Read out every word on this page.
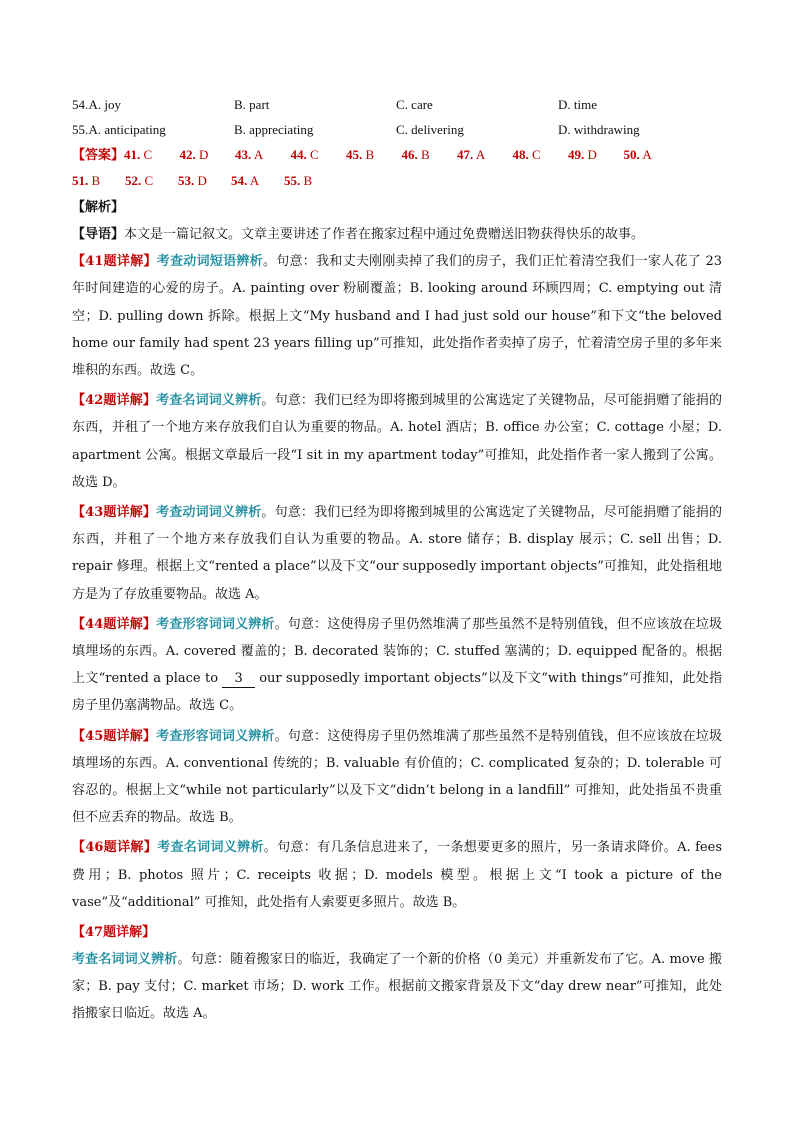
54. A. joy	B. part	C. care	D. time
55. A. anticipating	B. appreciating	C. delivering	D. withdrawing
【答案】41. C 42. D 43. A 44. C 45. B 46. B 47. A 48. C 49. D 50. A
51. B 52. C 53. D 54. A 55. B
【解析】

【导语】本文是一篇记叙文。文章主要讲述了作者在搬家过程中通过免费赠送旧物获得快乐的故事。

【41题详解】考查动词短语辨析。句意：我和丈夫刚刚卖掉了我们的房子，我们正忙着清空我们一家人花了 23 年时间建造的心爱的房子。A. painting over 粉刷覆盖；B. looking around 环顾四周；C. emptying out 清空；D. pulling down 拆除。根据上文“My husband and I had just sold our house”和下文“the beloved home our family had spent 23 years filling up”可推知，此处指作者卖掉了房子，忙着清空房子里的多年来堆积的东西。故选 C。

【42题详解】考查名词词义辨析。句意：我们已经为即将搬到城里的公寓选定了关键物品，尽可能捐赠了能捐的东西，并租了一个地方来存放我们自认为重要的物品。A. hotel 酒店；B. office 办公室；C. cottage 小屋；D. apartment 公寓。根据文章最后一段“I sit in my apartment today”可推知，此处指作者一家人搬到了公寓。故选 D。

【43题详解】考查动词词义辨析。句意：我们已经为即将搬到城里的公寓选定了关键物品，尽可能捐赠了能捐的东西，并租了一个地方来存放我们自认为重要的物品。A. store 储存；B. display 展示；C. sell 出售；D. repair 修理。根据上文“rented a place”以及下文“our supposedly important objects”可推知，此处指租地方是为了存放重要物品。故选 A。

【44题详解】考查形容词词义辨析。句意：这使得房子里仍然堆满了那些虽然不是特别值钱，但不应该放在垃圾填埋场的东西。A. covered 覆盖的；B. decorated 装饰的；C. stuffed 塞满的；D. equipped 配备的。根据上文“rented a place to 3 our supposedly important objects”以及下文“with things”可推知，此处指房子里仍塞满物品。故选 C。

【45题详解】考查形容词词义辨析。句意：这使得房子里仍然堆满了那些虽然不是特别值钱，但不应该放在垃圾填埋场的东西。A. conventional 传统的；B. valuable 有价值的；C. complicated 复杂的；D. tolerable 可容忍的。根据上文“while not particularly”以及下文“didn’t belong in a landfill” 可推知，此处指虽不贵重但不应丢弃的物品。故选 B。

【46题详解】考查名词词义辨析。句意：有几条信息进来了，一条想要更多的照片，另一条请求降价。A. fees 费用；B. photos 照片；C. receipts 收据；D. models 模型。根据上文“I took a picture of the vase”及“additional” 可推知，此处指有人索要更多照片。故选 B。

【47题详解】

考查名词词义辨析。句意：随着搬家日的临近，我确定了一个新的价格（0 美元）并重新发布了它。A. move 搬家；B. pay 支付；C. market 市场；D. work 工作。根据前文搬家背景及下文“day drew near”可推知，此处指搬家日临近。故选 A。
